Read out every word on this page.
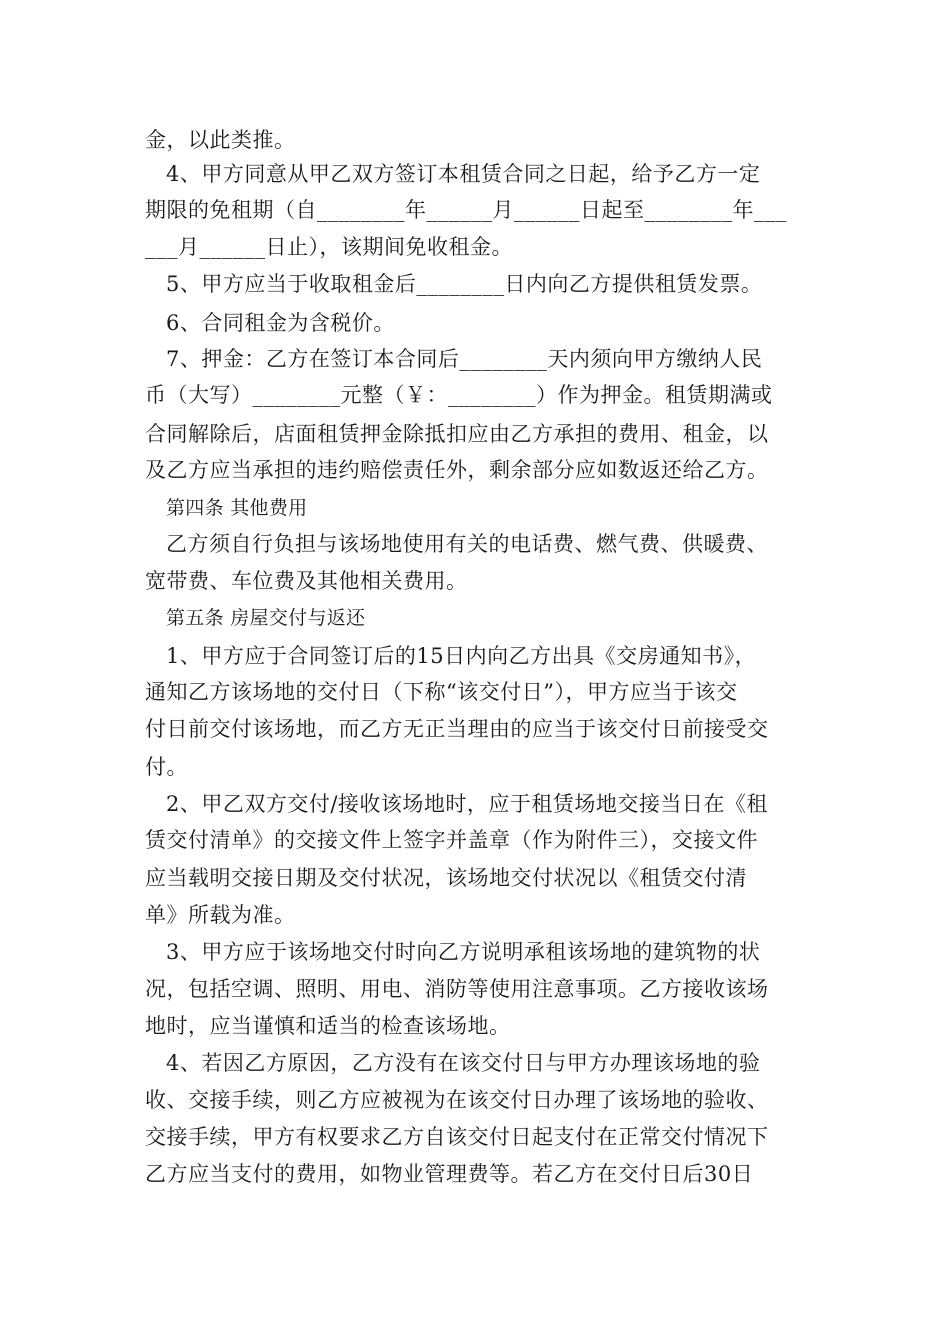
金，以此类推。
4、甲方同意从甲乙双方签订本租赁合同之日起，给予乙方一定
期限的免租期（自________年______月______日起至________年___
___月______日止），该期间免收租金。
5、甲方应当于收取租金后________日内向乙方提供租赁发票。
6、合同租金为含税价。
7、押金：乙方在签订本合同后________天内须向甲方缴纳人民
币（大写）________元整（￥：________）作为押金。租赁期满或
合同解除后，店面租赁押金除抵扣应由乙方承担的费用、租金，以
及乙方应当承担的违约赔偿责任外，剩余部分应如数返还给乙方。
第四条 其他费用
乙方须自行负担与该场地使用有关的电话费、燃气费、供暖费、
宽带费、车位费及其他相关费用。
第五条 房屋交付与返还
1、甲方应于合同签订后的15日内向乙方出具《交房通知书》，
通知乙方该场地的交付日（下称“该交付日”），甲方应当于该交
付日前交付该场地，而乙方无正当理由的应当于该交付日前接受交
付。
2、甲乙双方交付/接收该场地时，应于租赁场地交接当日在《租
赁交付清单》的交接文件上签字并盖章（作为附件三），交接文件
应当载明交接日期及交付状况，该场地交付状况以《租赁交付清
单》所载为准。
3、甲方应于该场地交付时向乙方说明承租该场地的建筑物的状
况，包括空调、照明、用电、消防等使用注意事项。乙方接收该场
地时，应当谨慎和适当的检查该场地。
4、若因乙方原因，乙方没有在该交付日与甲方办理该场地的验
收、交接手续，则乙方应被视为在该交付日办理了该场地的验收、
交接手续，甲方有权要求乙方自该交付日起支付在正常交付情况下
乙方应当支付的费用，如物业管理费等。若乙方在交付日后30日
